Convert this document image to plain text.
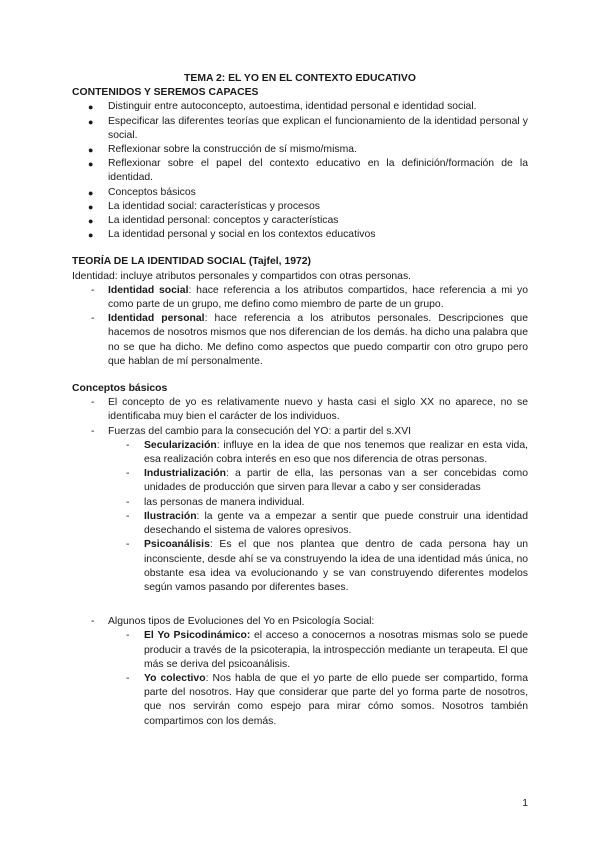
TEMA 2: EL YO EN EL CONTEXTO EDUCATIVO

CONTENIDOS Y SEREMOS CAPACES

● Distinguir entre autoconcepto, autoestima, identidad personal e identidad social.
● Especificar las diferentes teorías que explican el funcionamiento de la identidad personal y social.
● Reflexionar sobre la construcción de sí mismo/misma.
● Reflexionar sobre el papel del contexto educativo en la definición/formación de la identidad.
● Conceptos básicos
● La identidad social: características y procesos
● La identidad personal: conceptos y características
● La identidad personal y social en los contextos educativos

TEORÍA DE LA IDENTIDAD SOCIAL (Tajfel, 1972)

Identidad: incluye atributos personales y compartidos con otras personas.

- Identidad social: hace referencia a los atributos compartidos, hace referencia a mi yo como parte de un grupo, me defino como miembro de parte de un grupo.
- Identidad personal: hace referencia a los atributos personales. Descripciones que hacemos de nosotros mismos que nos diferencian de los demás. ha dicho una palabra que no se que ha dicho. Me defino como aspectos que puedo compartir con otro grupo pero que hablan de mí personalmente.

Conceptos básicos

- El concepto de yo es relativamente nuevo y hasta casi el siglo XX no aparece, no se identificaba muy bien el carácter de los individuos.
- Fuerzas del cambio para la consecución del YO: a partir del s.XVI
- Secularización: influye en la idea de que nos tenemos que realizar en esta vida, esa realización cobra interés en eso que nos diferencia de otras personas.
- Industrialización: a partir de ella, las personas van a ser concebidas como unidades de producción que sirven para llevar a cabo y ser consideradas
- las personas de manera individual.
- Ilustración: la gente va a empezar a sentir que puede construir una identidad desechando el sistema de valores opresivos.
- Psicoanálisis: Es el que nos plantea que dentro de cada persona hay un inconsciente, desde ahí se va construyendo la idea de una identidad más única, no obstante esa idea va evolucionando y se van construyendo diferentes modelos según vamos pasando por diferentes bases.
- Algunos tipos de Evoluciones del Yo en Psicología Social:
- El Yo Psicodinámico: el acceso a conocernos a nosotras mismas solo se puede producir a través de la psicoterapia, la introspección mediante un terapeuta. El que más se deriva del psicoanálisis.
- Yo colectivo: Nos habla de que el yo parte de ello puede ser compartido, forma parte del nosotros. Hay que considerar que parte del yo forma parte de nosotros, que nos servirán como espejo para mirar cómo somos. Nosotros también compartimos con los demás.
1
